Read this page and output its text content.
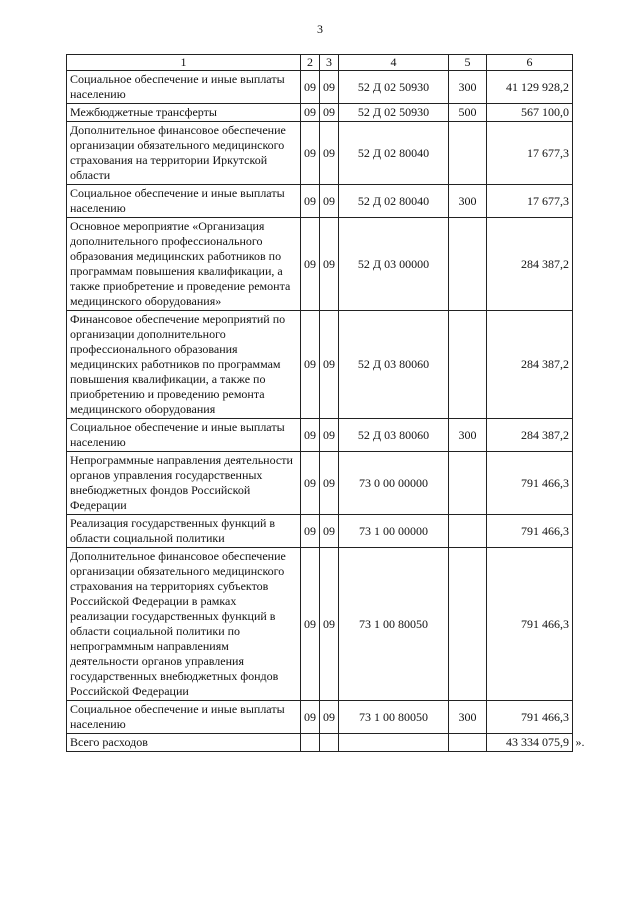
3
1	2	3	4	5	6
Социальное обеспечение и иные выплаты населению	09	09	52 Д 02 50930	300	41 129 928,2
Межбюджетные трансферты	09	09	52 Д 02 50930	500	567 100,0
Дополнительное финансовое обеспечение организации обязательного медицинского страхования на территории Иркутской области	09	09	52 Д 02 80040		17 677,3
Социальное обеспечение и иные выплаты населению	09	09	52 Д 02 80040	300	17 677,3
Основное мероприятие «Организация дополнительного профессионального образования медицинских работников по программам повышения квалификации, а также приобретение и проведение ремонта медицинского оборудования»	09	09	52 Д 03 00000		284 387,2
Финансовое обеспечение мероприятий по организации дополнительного профессионального образования медицинских работников по программам повышения квалификации, а также по приобретению и проведению ремонта медицинского оборудования	09	09	52 Д 03 80060		284 387,2
Социальное обеспечение и иные выплаты населению	09	09	52 Д 03 80060	300	284 387,2
Непрограммные направления деятельности органов управления государственных внебюджетных фондов Российской Федерации	09	09	73 0 00 00000		791 466,3
Реализация государственных функций в области социальной политики	09	09	73 1 00 00000		791 466,3
Дополнительное финансовое обеспечение организации обязательного медицинского страхования на территориях субъектов Российской Федерации в рамках реализации государственных функций в области социальной политики по непрограммным направлениям деятельности органов управления государственных внебюджетных фондов Российской Федерации	09	09	73 1 00 80050		791 466,3
Социальное обеспечение и иные выплаты населению	09	09	73 1 00 80050	300	791 466,3
Всего расходов					43 334 075,9 ».
